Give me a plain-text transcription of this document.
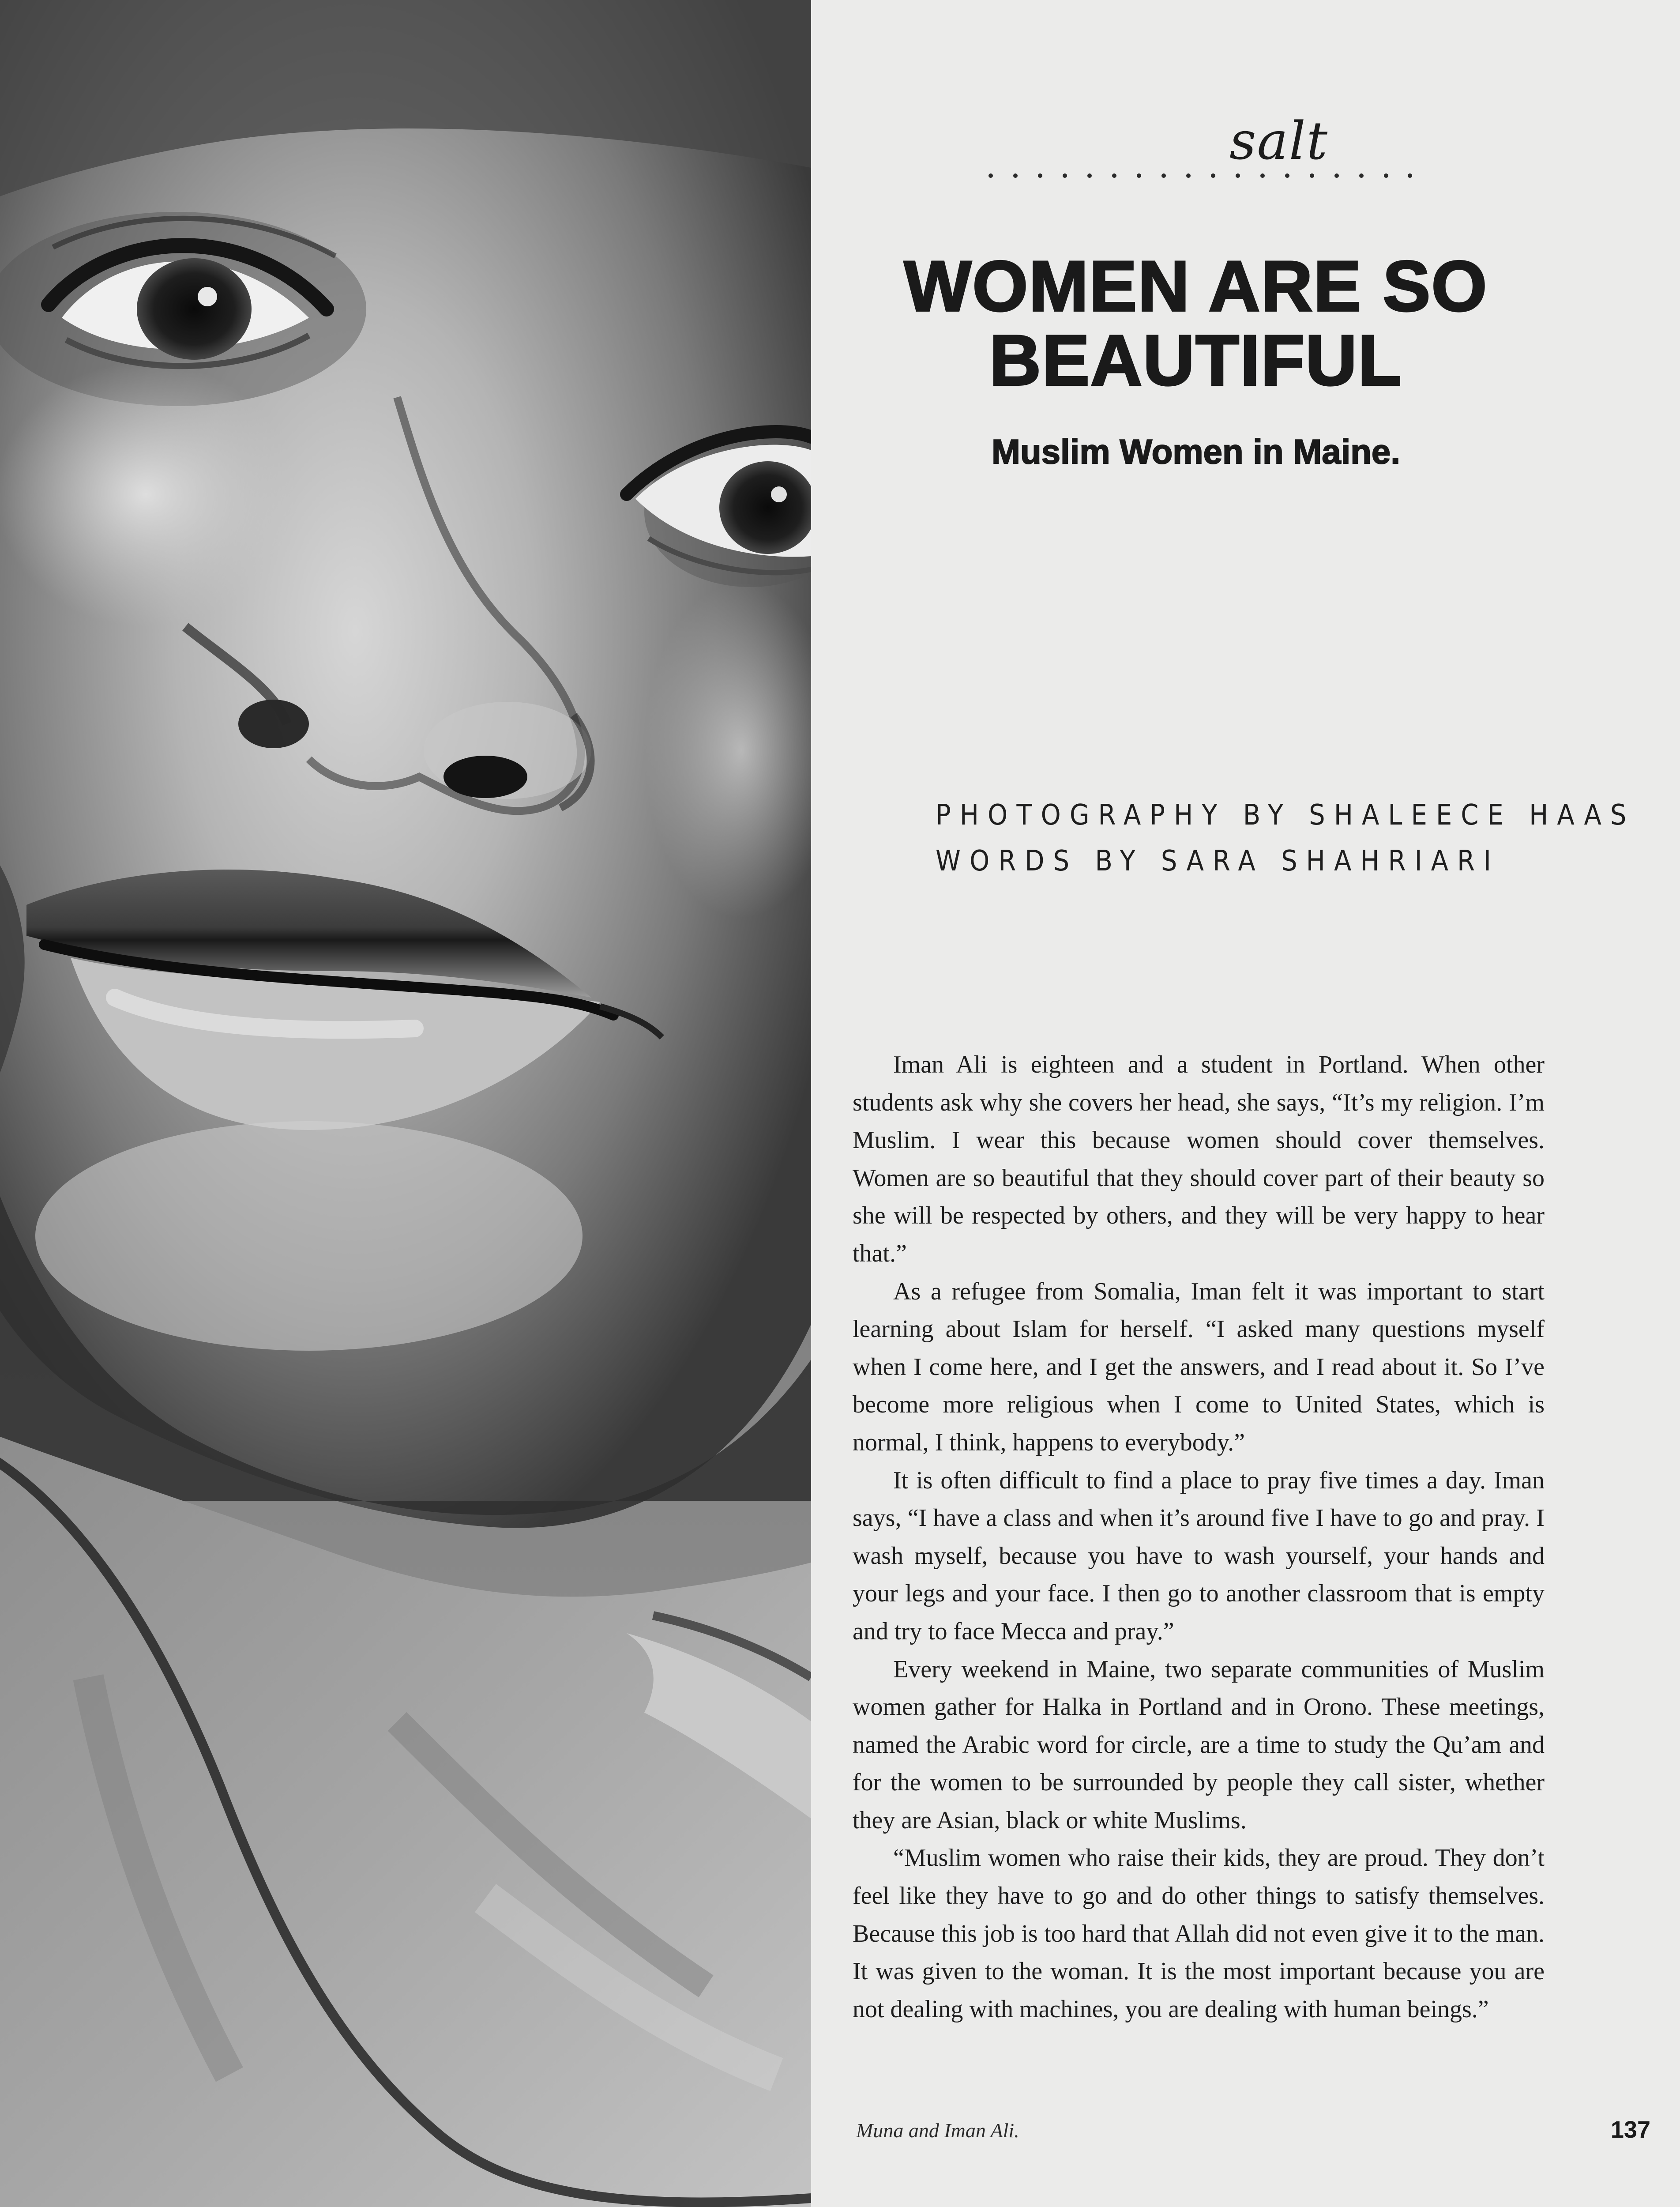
salt
WOMEN ARE SO
BEAUTIFUL
Muslim Women in Maine.
PHOTOGRAPHY BY SHALEECE HAAS
WORDS BY SARA SHAHRIARI

Iman Ali is eighteen and a student in Portland. When other students ask why she covers her head, she says, “It’s my religion. I’m Muslim. I wear this because women should cover themselves. Women are so beautiful that they should cover part of their beauty so she will be respected by others, and they will be very happy to hear that.”

As a refugee from Somalia, Iman felt it was important to start learning about Islam for herself. “I asked many questions myself when I come here, and I get the answers, and I read about it. So I’ve become more religious when I come to United States, which is normal, I think, happens to everybody.”

It is often difficult to find a place to pray five times a day. Iman says, “I have a class and when it’s around five I have to go and pray. I wash myself, because you have to wash yourself, your hands and your legs and your face. I then go to another classroom that is empty and try to face Mecca and pray.”

Every weekend in Maine, two separate communities of Muslim women gather for Halka in Portland and in Orono. These meetings, named the Arabic word for circle, are a time to study the Qu’am and for the women to be surrounded by people they call sister, whether they are Asian, black or white Muslims.

“Muslim women who raise their kids, they are proud. They don’t feel like they have to go and do other things to satisfy themselves. Because this job is too hard that Allah did not even give it to the man. It was given to the woman. It is the most important because you are not dealing with machines, you are dealing with human beings.”

Muna and Iman Ali.	137
